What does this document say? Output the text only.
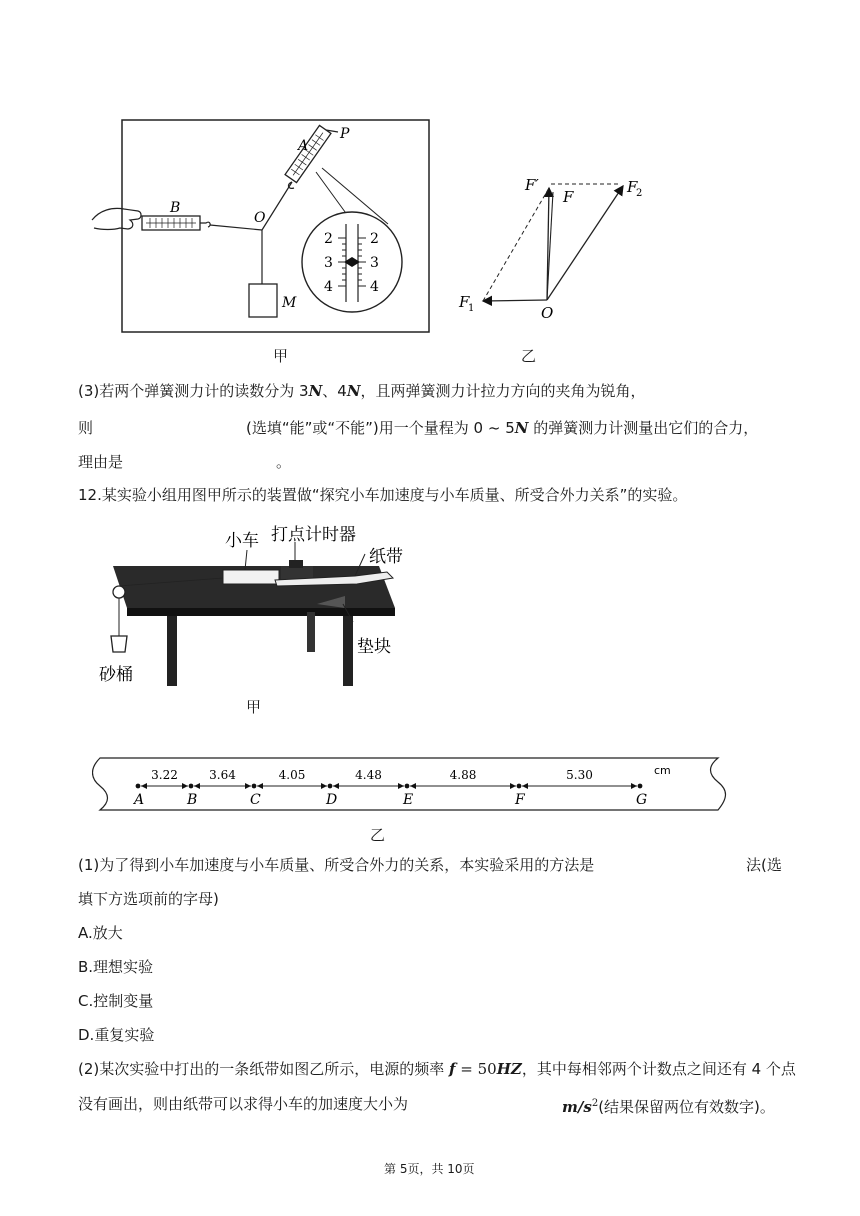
B
O
M
A
P
2
3
4
2
3
4
甲
F′
F
F
2
F
1	O
乙
(3)若两个弹簧测力计的读数分为 3N、4N，且两弹簧测力计拉力方向的夹角为锐角，
则	(选填“能”或“不能”)用一个量程为 0 ~ 5N 的弹簧测力计测量出它们的合力，
理由是	。
12.某实验小组用图甲所示的装置做“探究小车加速度与小车质量、所受合外力关系”的实验。
小车 打点计时器
纸带
砂桶
垫块
甲
A	B	C	D	E	F	G
3.22	3.64	4.05	4.48	4.88	5.30	cm
乙
(1)为了得到小车加速度与小车质量、所受合外力的关系，本实验采用的方法是	法(选
填下方选项前的字母)
A.放大
B.理想实验
C.控制变量
D.重复实验
(2)某次实验中打出的一条纸带如图乙所示，电源的频率 f = 50HZ，其中每相邻两个计数点之间还有 4 个点
没有画出，则由纸带可以求得小车的加速度大小为	$m/s^2$(结果保留两位有效数字)。
第 5页，共 10页
